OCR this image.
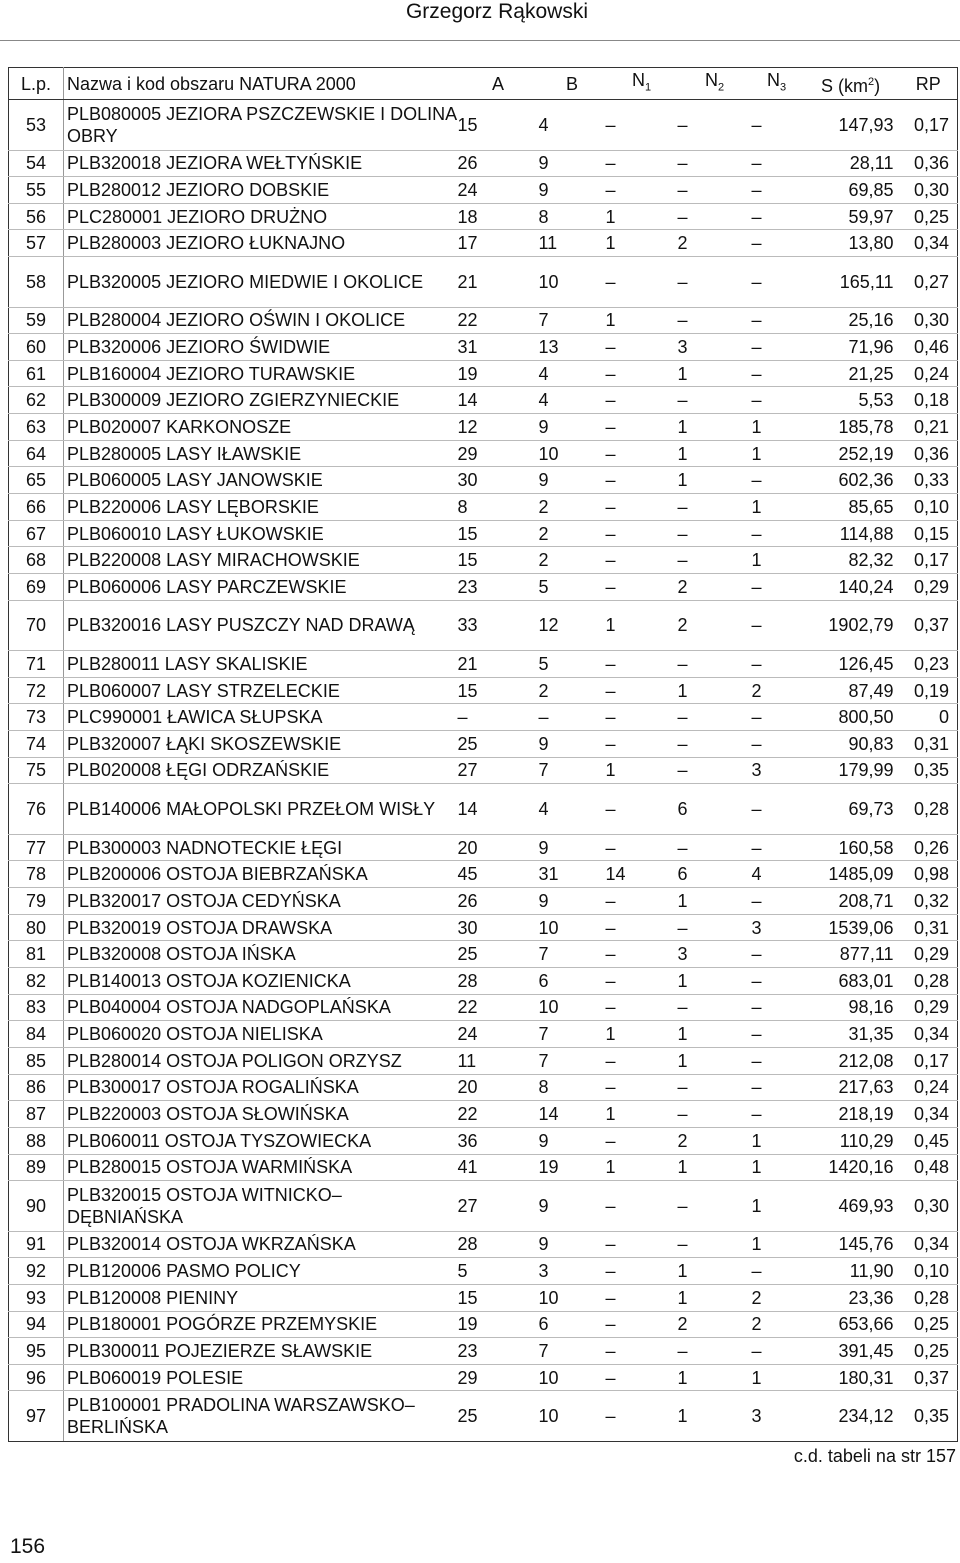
Grzegorz Rąkowski
L.p.	Nazwa i kod obszaru NATURA 2000	A	B	$N_1$	$N_2$	$N_3$	S $(km^2)$	RP
53	PLB080005 JEZIORA PSZCZEWSKIE I DOLINA OBRY	15	4	–	–	–	147,93	0,17
54	PLB320018 JEZIORA WEŁTYŃSKIE	26	9	–	–	–	28,11	0,36
55	PLB280012 JEZIORO DOBSKIE	24	9	–	–	–	69,85	0,30
56	PLC280001 JEZIORO DRUŻNO	18	8	1	–	–	59,97	0,25
57	PLB280003 JEZIORO ŁUKNAJNO	17	11	1	2	–	13,80	0,34
58	PLB320005 JEZIORO MIEDWIE I OKOLICE	21	10	–	–	–	165,11	0,27
59	PLB280004 JEZIORO OŚWIN I OKOLICE	22	7	1	–	–	25,16	0,30
60	PLB320006 JEZIORO ŚWIDWIE	31	13	–	3	–	71,96	0,46
61	PLB160004 JEZIORO TURAWSKIE	19	4	–	1	–	21,25	0,24
62	PLB300009 JEZIORO ZGIERZYNIECKIE	14	4	–	–	–	5,53	0,18
63	PLB020007 KARKONOSZE	12	9	–	1	1	185,78	0,21
64	PLB280005 LASY IŁAWSKIE	29	10	–	1	1	252,19	0,36
65	PLB060005 LASY JANOWSKIE	30	9	–	1	–	602,36	0,33
66	PLB220006 LASY LĘBORSKIE	8	2	–	–	1	85,65	0,10
67	PLB060010 LASY ŁUKOWSKIE	15	2	–	–	–	114,88	0,15
68	PLB220008 LASY MIRACHOWSKIE	15	2	–	–	1	82,32	0,17
69	PLB060006 LASY PARCZEWSKIE	23	5	–	2	–	140,24	0,29
70	PLB320016 LASY PUSZCZY NAD DRAWĄ	33	12	1	2	–	1902,79	0,37
71	PLB280011 LASY SKALISKIE	21	5	–	–	–	126,45	0,23
72	PLB060007 LASY STRZELECKIE	15	2	–	1	2	87,49	0,19
73	PLC990001 ŁAWICA SŁUPSKA	–	–	–	–	–	800,50	0
74	PLB320007 ŁĄKI SKOSZEWSKIE	25	9	–	–	–	90,83	0,31
75	PLB020008 ŁĘGI ODRZAŃSKIE	27	7	1	–	3	179,99	0,35
76	PLB140006 MAŁOPOLSKI PRZEŁOM WISŁY	14	4	–	6	–	69,73	0,28
77	PLB300003 NADNOTECKIE ŁĘGI	20	9	–	–	–	160,58	0,26
78	PLB200006 OSTOJA BIEBRZAŃSKA	45	31	14	6	4	1485,09	0,98
79	PLB320017 OSTOJA CEDYŃSKA	26	9	–	1	–	208,71	0,32
80	PLB320019 OSTOJA DRAWSKA	30	10	–	–	3	1539,06	0,31
81	PLB320008 OSTOJA IŃSKA	25	7	–	3	–	877,11	0,29
82	PLB140013 OSTOJA KOZIENICKA	28	6	–	1	–	683,01	0,28
83	PLB040004 OSTOJA NADGOPLAŃSKA	22	10	–	–	–	98,16	0,29
84	PLB060020 OSTOJA NIELISKA	24	7	1	1	–	31,35	0,34
85	PLB280014 OSTOJA POLIGON ORZYSZ	11	7	–	1	–	212,08	0,17
86	PLB300017 OSTOJA ROGALIŃSKA	20	8	–	–	–	217,63	0,24
87	PLB220003 OSTOJA SŁOWIŃSKA	22	14	1	–	–	218,19	0,34
88	PLB060011 OSTOJA TYSZOWIECKA	36	9	–	2	1	110,29	0,45
89	PLB280015 OSTOJA WARMIŃSKA	41	19	1	1	1	1420,16	0,48
90	PLB320015 OSTOJA WITNICKO–DĘBNIAŃSKA	27	9	–	–	1	469,93	0,30
91	PLB320014 OSTOJA WKRZAŃSKA	28	9	–	–	1	145,76	0,34
92	PLB120006 PASMO POLICY	5	3	–	1	–	11,90	0,10
93	PLB120008 PIENINY	15	10	–	1	2	23,36	0,28
94	PLB180001 POGÓRZE PRZEMYSKIE	19	6	–	2	2	653,66	0,25
95	PLB300011 POJEZIERZE SŁAWSKIE	23	7	–	–	–	391,45	0,25
96	PLB060019 POLESIE	29	10	–	1	1	180,31	0,37
97	PLB100001 PRADOLINA WARSZAWSKO–BERLIŃSKA	25	10	–	1	3	234,12	0,35
c.d. tabeli na str 157
156
